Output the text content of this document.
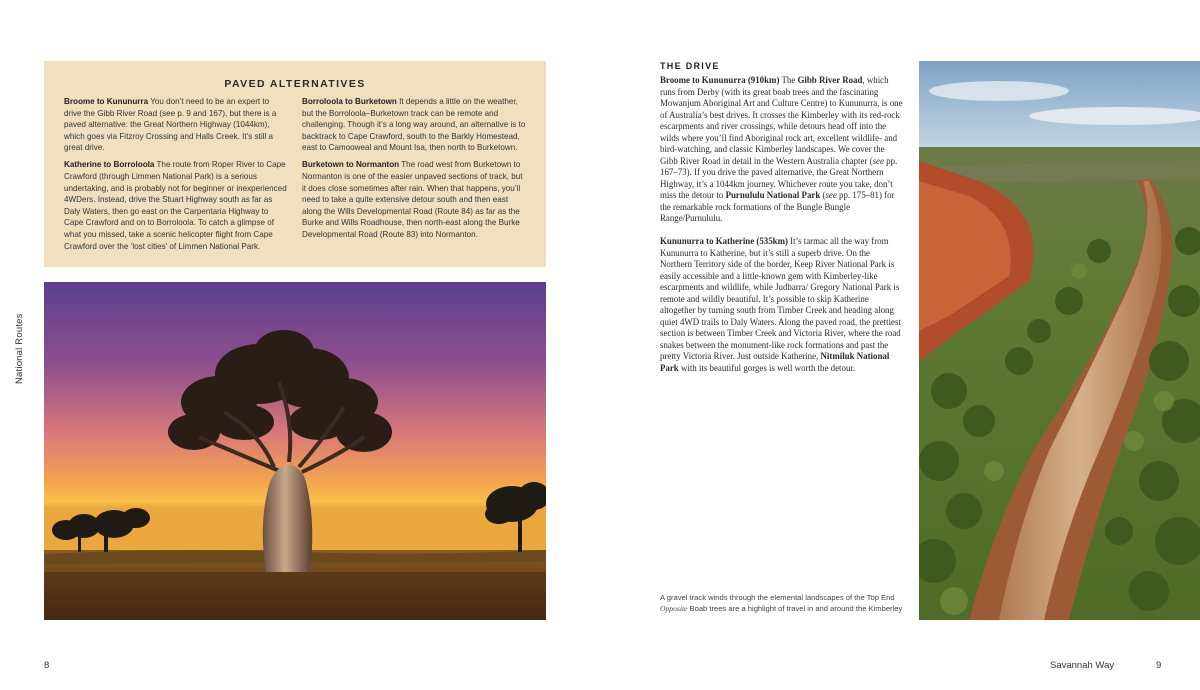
National Routes
PAVED ALTERNATIVES

Broome to Kununurra You don’t need to be an expert to drive the Gibb River Road (see p. 9 and 167), but there is a paved alternative: the Great Northern Highway (1044km), which goes via Fitzroy Crossing and Halls Creek. It’s still a great drive.

Katherine to Borroloola The route from Roper River to Cape Crawford (through Limmen National Park) is a serious undertaking, and is probably not for beginner or inexperienced 4WDers. Instead, drive the Stuart Highway south as far as Daly Waters, then go east on the Carpentaria Highway to Cape Crawford and on to Borroloola. To catch a glimpse of what you missed, take a scenic helicopter flight from Cape Crawford over the ‘lost cities’ of Limmen National Park.

Borroloola to Burketown It depends a little on the weather, but the Borroloola–Burketown track can be remote and challenging. Though it’s a long way around, an alternative is to backtrack to Cape Crawford, south to the Barkly Homestead, east to Camooweal and Mount Isa, then north to Burketown.

Burketown to Normanton The road west from Burketown to Normanton is one of the easier unpaved sections of track, but it does close sometimes after rain. When that happens, you’ll need to take a quite extensive detour south and then east along the Wills Developmental Road (Route 84) as far as the Burke and Wills Roadhouse, then north-east along the Burke Developmental Road (Route 83) into Normanton.

THE DRIVE

Broome to Kununurra (910km) The Gibb River Road, which runs from Derby (with its great boab trees and the fascinating Mowanjum Aboriginal Art and Culture Centre) to Kununurra, is one of Australia’s best drives. It crosses the Kimberley with its red-rock escarpments and river crossings, while detours head off into the wilds where you’ll find Aboriginal rock art, excellent wildlife- and bird-watching, and classic Kimberley landscapes. We cover the Gibb River Road in detail in the Western Australia chapter (see pp. 167–73). If you drive the paved alternative, the Great Northern Highway, it’s a 1044km journey. Whichever route you take, don’t miss the detour to Purnululu National Park (see pp. 175–81) for the remarkable rock formations of the Bungle Bungle Range/Purnululu.

Kununurra to Katherine (535km) It’s tarmac all the way from Kununurra to Katherine, but it’s still a superb drive. On the Northern Territory side of the border, Keep River National Park is easily accessible and a little-known gem with Kimberley-like escarpments and wildlife, while Judbarra/ Gregory National Park is remote and wildly beautiful. It’s possible to skip Katherine altogether by turning south from Timber Creek and heading along quiet 4WD trails to Daly Waters. Along the paved road, the prettiest section is between Timber Creek and Victoria River, where the road snakes between the monument-like rock formations and past the pretty Victoria River. Just outside Katherine, Nitmiluk National Park with its beautiful gorges is well worth the detour.

A gravel track winds through the elemental landscapes of the Top End Opposite Boab trees are a highlight of travel in and around the Kimberley
8	Savannah Way	9
